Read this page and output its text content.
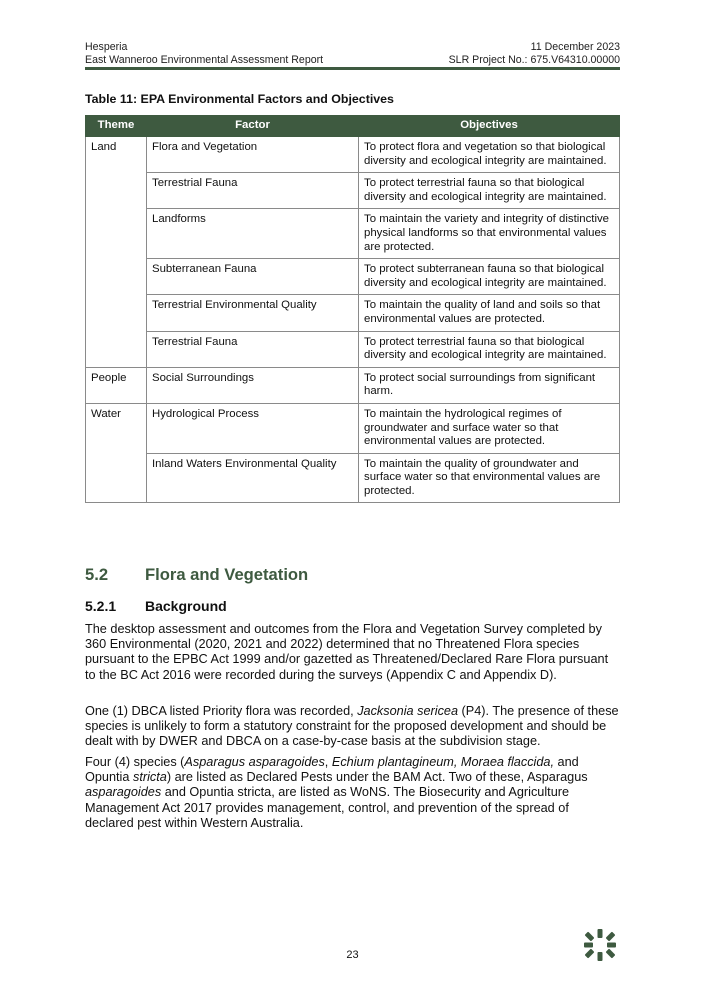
Hesperia	11 December 2023
East Wanneroo Environmental Assessment Report	SLR Project No.: 675.V64310.00000
Table 11: EPA Environmental Factors and Objectives
Theme	Factor	Objectives
Land	Flora and Vegetation	To protect flora and vegetation so that biological diversity and ecological integrity are maintained.
	Terrestrial Fauna	To protect terrestrial fauna so that biological diversity and ecological integrity are maintained.
	Landforms	To maintain the variety and integrity of distinctive physical landforms so that environmental values are protected.
	Subterranean Fauna	To protect subterranean fauna so that biological diversity and ecological integrity are maintained.
	Terrestrial Environmental Quality	To maintain the quality of land and soils so that environmental values are protected.
	Terrestrial Fauna	To protect terrestrial fauna so that biological diversity and ecological integrity are maintained.
People	Social Surroundings	To protect social surroundings from significant harm.
Water	Hydrological Process	To maintain the hydrological regimes of groundwater and surface water so that environmental values are protected.
	Inland Waters Environmental Quality	To maintain the quality of groundwater and surface water so that environmental values are protected.
5.2 Flora and Vegetation
5.2.1 Background

The desktop assessment and outcomes from the Flora and Vegetation Survey completed by 360 Environmental (2020, 2021 and 2022) determined that no Threatened Flora species pursuant to the EPBC Act 1999 and/or gazetted as Threatened/Declared Rare Flora pursuant to the BC Act 2016 were recorded during the surveys (Appendix C and Appendix D).

One (1) DBCA listed Priority flora was recorded, Jacksonia sericea (P4). The presence of these species is unlikely to form a statutory constraint for the proposed development and should be dealt with by DWER and DBCA on a case-by-case basis at the subdivision stage.

Four (4) species (Asparagus asparagoides, Echium plantagineum, Moraea flaccida, and Opuntia stricta) are listed as Declared Pests under the BAM Act. Two of these, Asparagus asparagoides and Opuntia stricta, are listed as WoNS. The Biosecurity and Agriculture Management Act 2017 provides management, control, and prevention of the spread of declared pest within Western Australia.

23
